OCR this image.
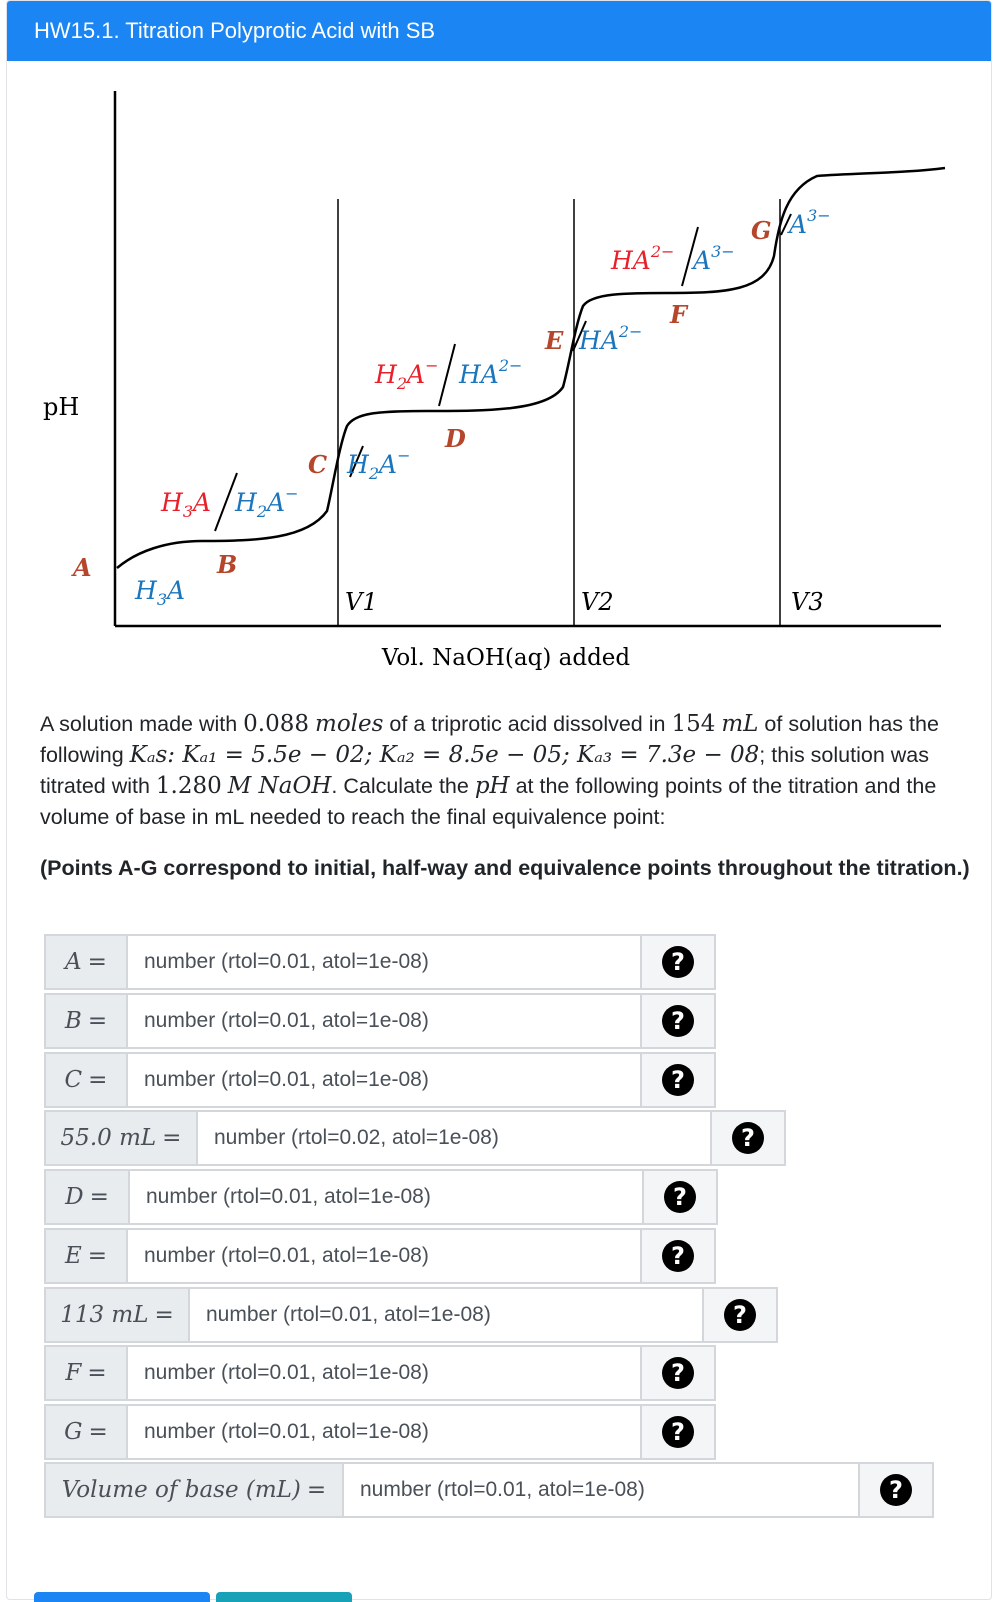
HW15.1. Titration Polyprotic Acid with SB
pH
Vol. NaOH(aq) added
V1	V2	V3
A	B
C
D
E
F
G
$H_3A$
$H_3A$ $H_2A^-$
$H_2A^-$
$H_2A^-$ $HA^{2-}$
$HA^{2-}$
$HA^{2-}$ $A^{3-}$
$A^{3-}$
A solution made with 0.088 moles of a triprotic acid dissolved in 154 mL of solution has the following Kₐs: Kₐ₁ = 5.5e − 02; Kₐ₂ = 8.5e − 05; Kₐ₃ = 7.3e − 08; this solution was titrated with 1.280 M NaOH. Calculate the pH at the following points of the titration and the volume of base in mL needed to reach the final equivalence point:
(Points A-G correspond to initial, half-way and equivalence points throughout the titration.)
A =	number (rtol=0.01, atol=1e-08)	?
B =	number (rtol=0.01, atol=1e-08)	?
C =	number (rtol=0.01, atol=1e-08)	?
55.0 mL =	number (rtol=0.02, atol=1e-08)	?
D =	number (rtol=0.01, atol=1e-08)	?
E =	number (rtol=0.01, atol=1e-08)	?
113 mL =	number (rtol=0.01, atol=1e-08)	?
F =	number (rtol=0.01, atol=1e-08)	?
G =	number (rtol=0.01, atol=1e-08)	?
Volume of base (mL) =	number (rtol=0.01, atol=1e-08)	?
